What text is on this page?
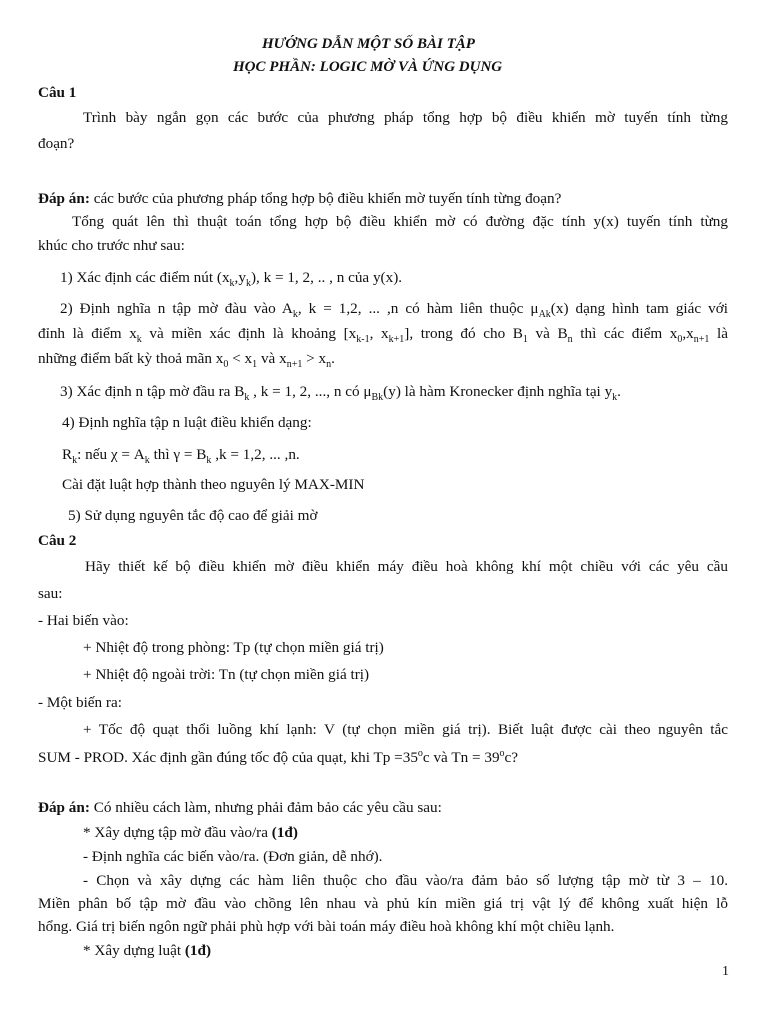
HƯỚNG DẪN MỘT SỐ BÀI TẬP
HỌC PHẦN: LOGIC MỜ VÀ ỨNG DỤNG
Câu 1
Trình bày ngắn gọn các bước của phương pháp tổng hợp bộ điều khiển mờ tuyến tính từng
đoạn?
Đáp án: các bước của phương pháp tổng hợp bộ điều khiển mờ tuyến tính từng đoạn?
Tổng quát lên thì thuật toán tổng hợp bộ điều khiển mờ có đường đặc tính y(x) tuyến tính từng
khúc cho trước như sau:
1) Xác định các điểm nút $(x_k,y_k)$, k = 1, 2, .. , n của y(x).
2) Định nghĩa n tập mờ đàu vào $A_k$, k = 1,2, ... ,n có hàm liên thuộc $\mu_{Ak}(x)$ dạng hình tam giác với
đỉnh là điểm $x_k$ và miền xác định là khoảng [$x_{k-1}$, $x_{k+1}$], trong đó cho $B_1$ và $B_n$ thì các điểm $x_0,x_{n+1}$ là
những điểm bất kỳ thoả mãn $x_0 < x_1$ và $x_{n+1} > x_n$.
3) Xác định n tập mờ đầu ra $B_k$ , k = 1, 2, ..., n có $\mu_{Bk}(y)$ là hàm Kronecker định nghĩa tại $y_k$.
4) Định nghĩa tập n luật điều khiển dạng:
$R_k$: nếu $\chi = A_k$ thì $\gamma = B_k$ ,k = 1,2, ... ,n.
Cài đặt luật hợp thành theo nguyên lý MAX-MIN
5) Sử dụng nguyên tắc độ cao để giải mờ
Câu 2
Hãy thiết kế bộ điều khiển mờ điều khiển máy điều hoà không khí một chiều với các yêu cầu
sau:
- Hai biến vào:
+ Nhiệt độ trong phòng: Tp (tự chọn miền giá trị)
+ Nhiệt độ ngoài trời: Tn (tự chọn miền giá trị)
- Một biến ra:
+ Tốc độ quạt thổi luồng khí lạnh: V (tự chọn miền giá trị). Biết luật được cài theo nguyên tắc
SUM - PROD. Xác định gần đúng tốc độ của quạt, khi $Tp =35^oc$ và $Tn = 39^oc$?
Đáp án: Có nhiều cách làm, nhưng phải đảm bảo các yêu cầu sau:
* Xây dựng tập mờ đầu vào/ra (1đ)
- Định nghĩa các biến vào/ra. (Đơn giản, dễ nhớ).
- Chọn và xây dựng các hàm liên thuộc cho đầu vào/ra đảm bảo số lượng tập mờ từ 3 – 10.
Miền phân bố tập mờ đầu vào chồng lên nhau và phủ kín miền giá trị vật lý để không xuất hiện lỗ
hổng. Giá trị biến ngôn ngữ phải phù hợp với bài toán máy điều hoà không khí một chiều lạnh.
* Xây dựng luật (1đ)
1
